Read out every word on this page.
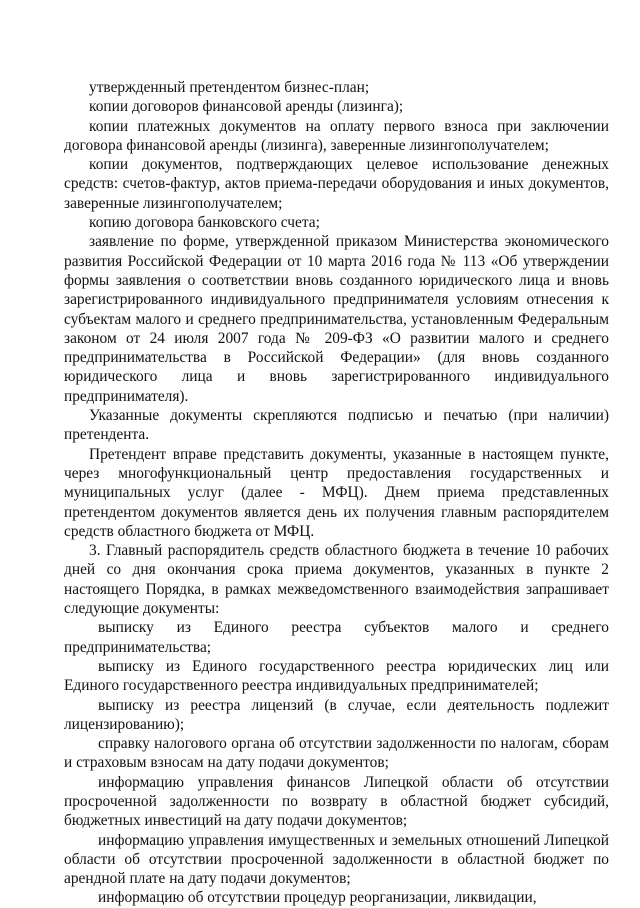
утвержденный претендентом бизнес-план;

копии договоров финансовой аренды (лизинга);

копии платежных документов на оплату первого взноса при заключении договора финансовой аренды (лизинга), заверенные лизингополучателем;

копии документов, подтверждающих целевое использование денежных средств: счетов-фактур, актов приема-передачи оборудования и иных документов, заверенные лизингополучателем;

копию договора банковского счета;

заявление по форме, утвержденной приказом Министерства экономического развития Российской Федерации от 10 марта 2016 года № 113 «Об утверждении формы заявления о соответствии вновь созданного юридического лица и вновь зарегистрированного индивидуального предпринимателя условиям отнесения к субъектам малого и среднего предпринимательства, установленным Федеральным законом от 24 июля 2007 года № 209-ФЗ «О развитии малого и среднего предпринимательства в Российской Федерации» (для вновь созданного юридического лица и вновь зарегистрированного индивидуального предпринимателя).

Указанные документы скрепляются подписью и печатью (при наличии) претендента.

Претендент вправе представить документы, указанные в настоящем пункте, через многофункциональный центр предоставления государственных и муниципальных услуг (далее - МФЦ). Днем приема представленных претендентом документов является день их получения главным распорядителем средств областного бюджета от МФЦ.

3. Главный распорядитель средств областного бюджета в течение 10 рабочих дней со дня окончания срока приема документов, указанных в пункте 2 настоящего Порядка, в рамках межведомственного взаимодействия запрашивает следующие документы:

выписку из Единого реестра субъектов малого и среднего предпринимательства;

выписку из Единого государственного реестра юридических лиц или Единого государственного реестра индивидуальных предпринимателей;

выписку из реестра лицензий (в случае, если деятельность подлежит лицензированию);

справку налогового органа об отсутствии задолженности по налогам, сборам и страховым взносам на дату подачи документов;

информацию управления финансов Липецкой области об отсутствии просроченной задолженности по возврату в областной бюджет субсидий, бюджетных инвестиций на дату подачи документов;

информацию управления имущественных и земельных отношений Липецкой области об отсутствии просроченной задолженности в областной бюджет по арендной плате на дату подачи документов;

информацию об отсутствии процедур реорганизации, ликвидации,
